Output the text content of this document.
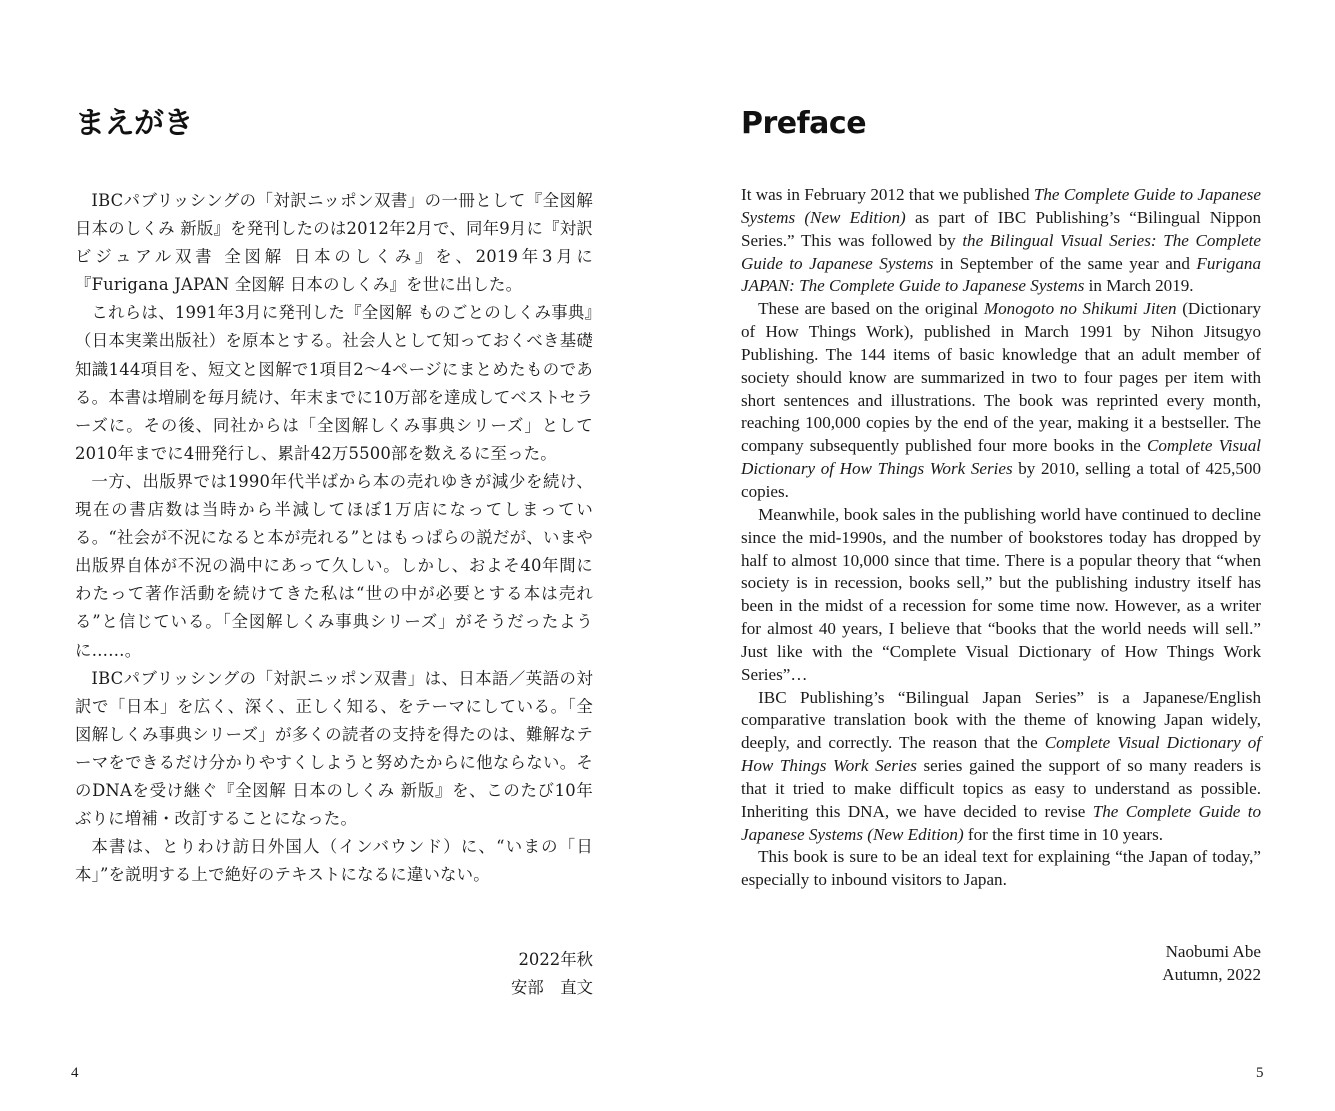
まえがき

IBCパブリッシングの「対訳ニッポン双書」の一冊として『全図解 日本のしくみ 新版』を発刊したのは2012年2月で、同年9月に『対訳ビジュアル双書 全図解 日本のしくみ』を、2019年3月に『Furigana JAPAN 全図解 日本のしくみ』を世に出した。

これらは、1991年3月に発刊した『全図解 ものごとのしくみ事典』（日本実業出版社）を原本とする。社会人として知っておくべき基礎知識144項目を、短文と図解で1項目2～4ページにまとめたものである。本書は増刷を毎月続け、年末までに10万部を達成してベストセラーズに。その後、同社からは「全図解しくみ事典シリーズ」として2010年までに4冊発行し、累計42万5500部を数えるに至った。

一方、出版界では1990年代半ばから本の売れゆきが減少を続け、現在の書店数は当時から半減してほぼ1万店になってしまっている。“社会が不況になると本が売れる”とはもっぱらの説だが、いまや出版界自体が不況の渦中にあって久しい。しかし、およそ40年間にわたって著作活動を続けてきた私は“世の中が必要とする本は売れる”と信じている。「全図解しくみ事典シリーズ」がそうだったように……。

IBCパブリッシングの「対訳ニッポン双書」は、日本語／英語の対訳で「日本」を広く、深く、正しく知る、をテーマにしている。「全図解しくみ事典シリーズ」が多くの読者の支持を得たのは、難解なテーマをできるだけ分かりやすくしようと努めたからに他ならない。そのDNAを受け継ぐ『全図解 日本のしくみ 新版』を、このたび10年ぶりに増補・改訂することになった。

本書は、とりわけ訪日外国人（インバウンド）に、“いまの「日本」”を説明する上で絶好のテキストになるに違いない。

2022年秋
安部　直文
4
Preface

It was in February 2012 that we published The Complete Guide to Japanese Systems (New Edition) as part of IBC Publishing’s “Bilingual Nippon Series.” This was followed by the Bilingual Visual Series: The Complete Guide to Japanese Systems in September of the same year and Furigana JAPAN: The Complete Guide to Japanese Systems in March 2019.

These are based on the original Monogoto no Shikumi Jiten (Dictionary of How Things Work), published in March 1991 by Nihon Jitsugyo Publishing. The 144 items of basic knowledge that an adult member of society should know are summarized in two to four pages per item with short sentences and illustrations. The book was reprinted every month, reaching 100,000 copies by the end of the year, making it a bestseller. The company subsequently published four more books in the Complete Visual Dictionary of How Things Work Series by 2010, selling a total of 425,500 copies.

Meanwhile, book sales in the publishing world have continued to decline since the mid-1990s, and the number of bookstores today has dropped by half to almost 10,000 since that time. There is a popular theory that “when society is in recession, books sell,” but the publishing industry itself has been in the midst of a recession for some time now. However, as a writer for almost 40 years, I believe that “books that the world needs will sell.” Just like with the “Complete Visual Dictionary of How Things Work Series”…

IBC Publishing’s “Bilingual Japan Series” is a Japanese/English comparative translation book with the theme of knowing Japan widely, deeply, and correctly. The reason that the Complete Visual Dictionary of How Things Work Series series gained the support of so many readers is that it tried to make difficult topics as easy to understand as possible. Inheriting this DNA, we have decided to revise The Complete Guide to Japanese Systems (New Edition) for the first time in 10 years.

This book is sure to be an ideal text for explaining “the Japan of today,” especially to inbound visitors to Japan.

Naobumi Abe
Autumn, 2022
5
